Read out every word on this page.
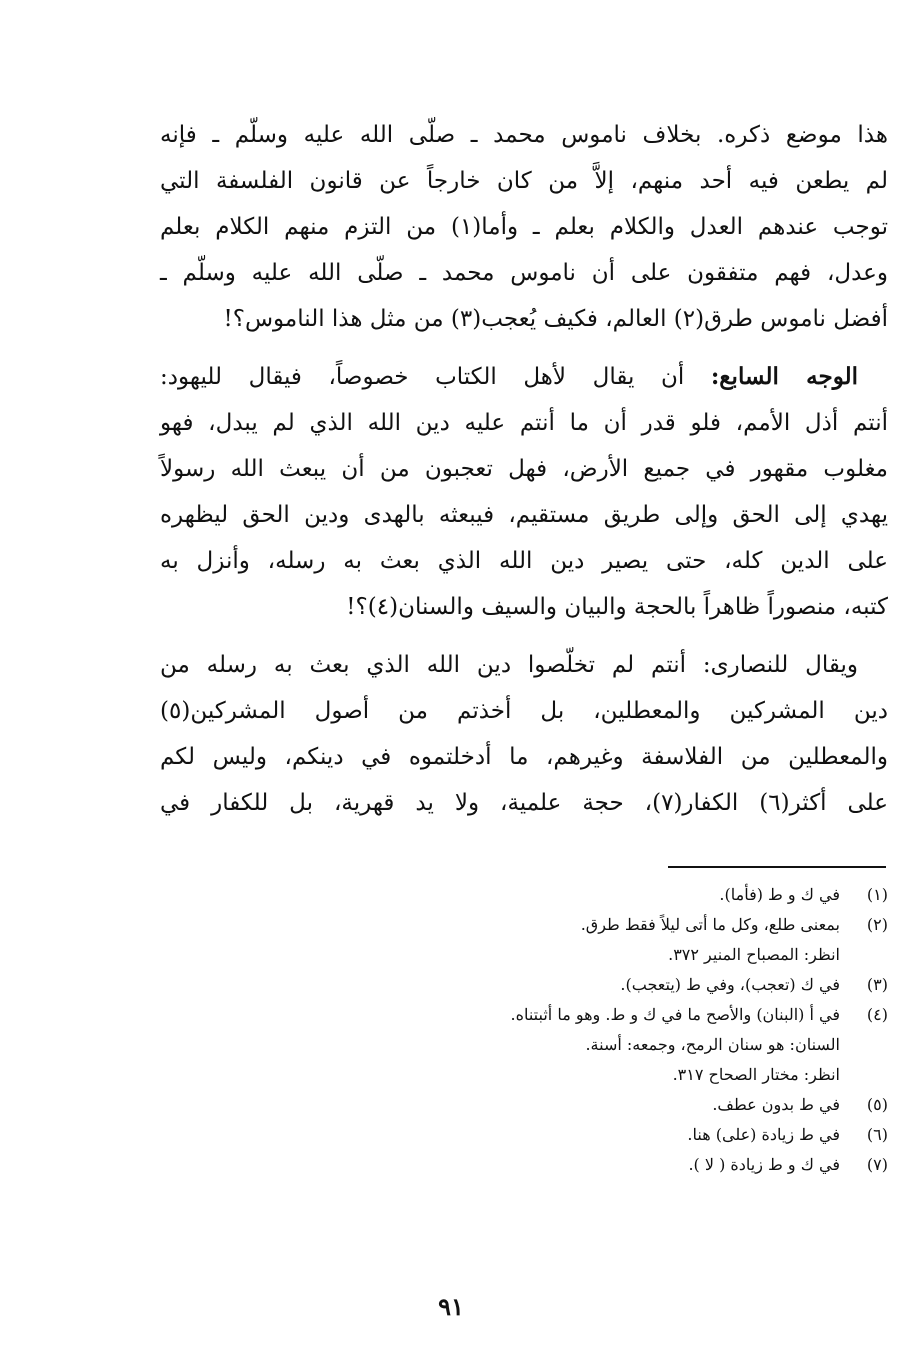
هذا موضع ذكره. بخلاف ناموس محمد ـ صلّى الله عليه وسلّم ـ فإنه
لم يطعن فيه أحد منهم، إلاَّ من كان خارجاً عن قانون الفلسفة التي
توجب عندهم العدل والكلام بعلم ـ وأما(١) من التزم منهم الكلام بعلم
وعدل، فهم متفقون على أن ناموس محمد ـ صلّى الله عليه وسلّم ـ
أفضل ناموس طرق(٢) العالم، فكيف يُعجب(٣) من مثل هذا الناموس؟!

الوجه السابع: أن يقال لأهل الكتاب خصوصاً، فيقال لليهود:
أنتم أذل الأمم، فلو قدر أن ما أنتم عليه دين الله الذي لم يبدل، فهو
مغلوب مقهور في جميع الأرض، فهل تعجبون من أن يبعث الله رسولاً
يهدي إلى الحق وإلى طريق مستقيم، فيبعثه بالهدى ودين الحق ليظهره
على الدين كله، حتى يصير دين الله الذي بعث به رسله، وأنزل به
كتبه، منصوراً ظاهراً بالحجة والبيان والسيف والسنان(٤)؟!

ويقال للنصارى: أنتم لم تخلّصوا دين الله الذي بعث به رسله من
دين المشركين والمعطلين، بل أخذتم من أصول المشركين(٥)
والمعطلين من الفلاسفة وغيرهم، ما أدخلتموه في دينكم، وليس لكم
على أكثر(٦) الكفار(٧)، حجة علمية، ولا يد قهرية، بل للكفار في

(١)
في ك و ط (فأما).
(٢)
بمعنى طلع، وكل ما أتى ليلاً فقط طرق.
انظر: المصباح المنير ٣٧٢.
(٣)
في ك (تعجب)، وفي ط (يتعجب).
(٤)
في أ (البنان) والأصح ما في ك و ط. وهو ما أثبتناه.
السنان: هو سنان الرمح، وجمعه: أسنة.
انظر: مختار الصحاح ٣١٧.
(٥)
في ط بدون عطف.
(٦)
في ط زيادة (على) هنا.
(٧)
في ك و ط زيادة ( لا ).
٩١
